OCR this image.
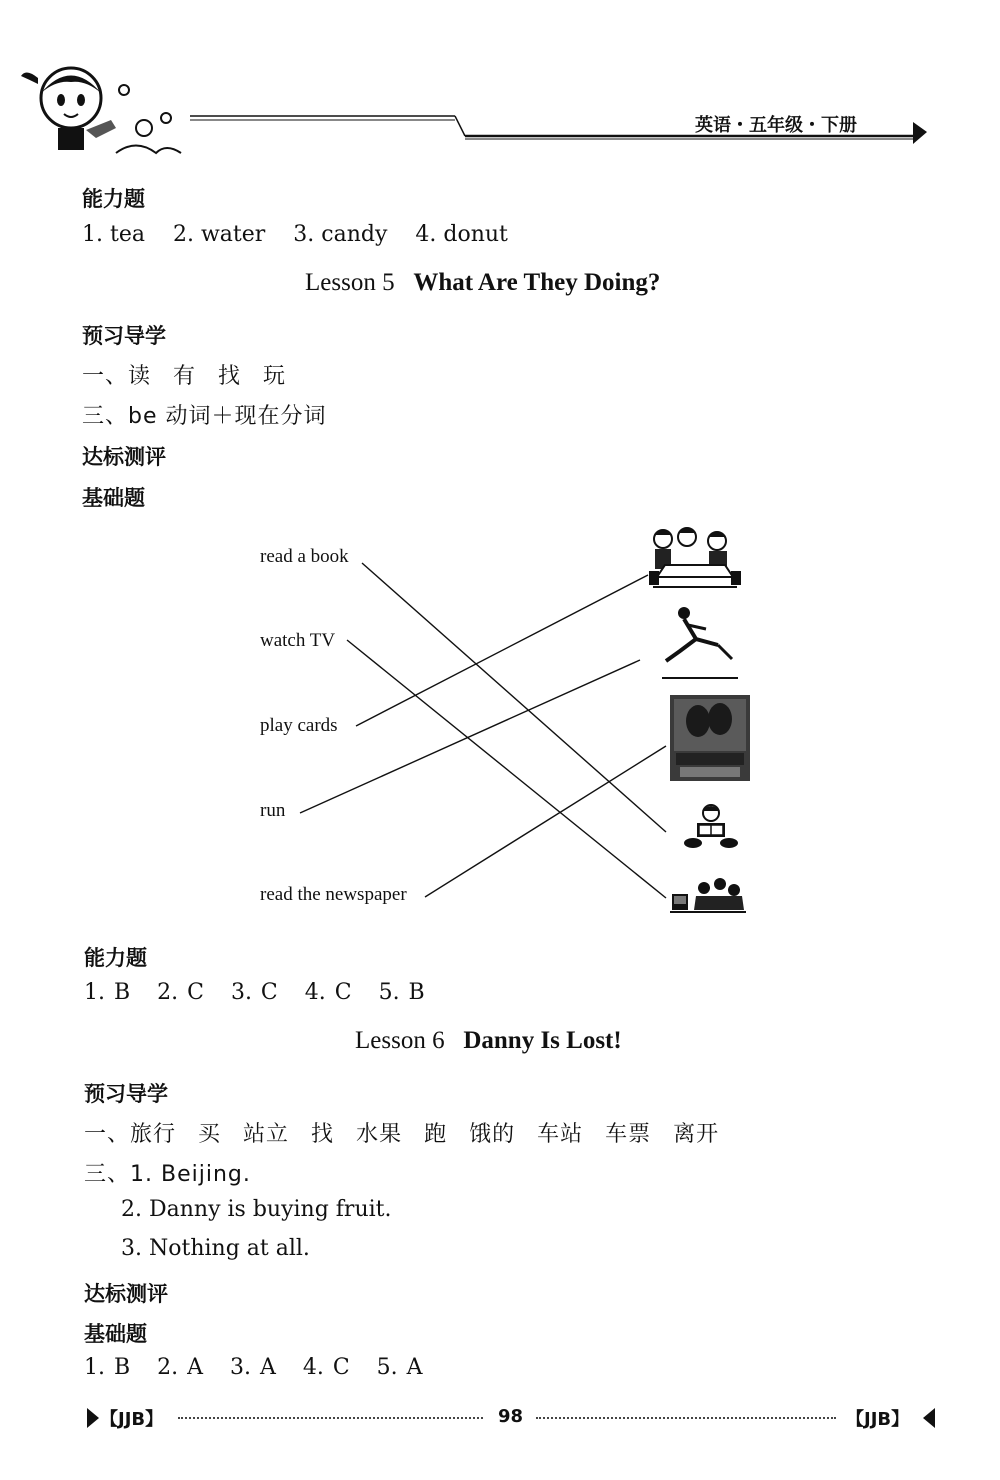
英语・五年级・下册
能力题
1. tea 2. water 3. candy 4. donut
Lesson 5 What Are They Doing?
预习导学
一、读 有 找 玩
三、be 动词＋现在分词
达标测评
基础题
read a book
watch TV
play cards
run
read the newspaper
能力题
1. B 2. C 3. C 4. C 5. B
Lesson 6 Danny Is Lost!
预习导学
一、旅行 买 站立 找 水果 跑 饿的 车站 车票 离开
三、1. Beijing.
2. Danny is buying fruit.
3. Nothing at all.
达标测评
基础题
1. B 2. A 3. A 4. C 5. A
【JJB】	98	【JJB】
